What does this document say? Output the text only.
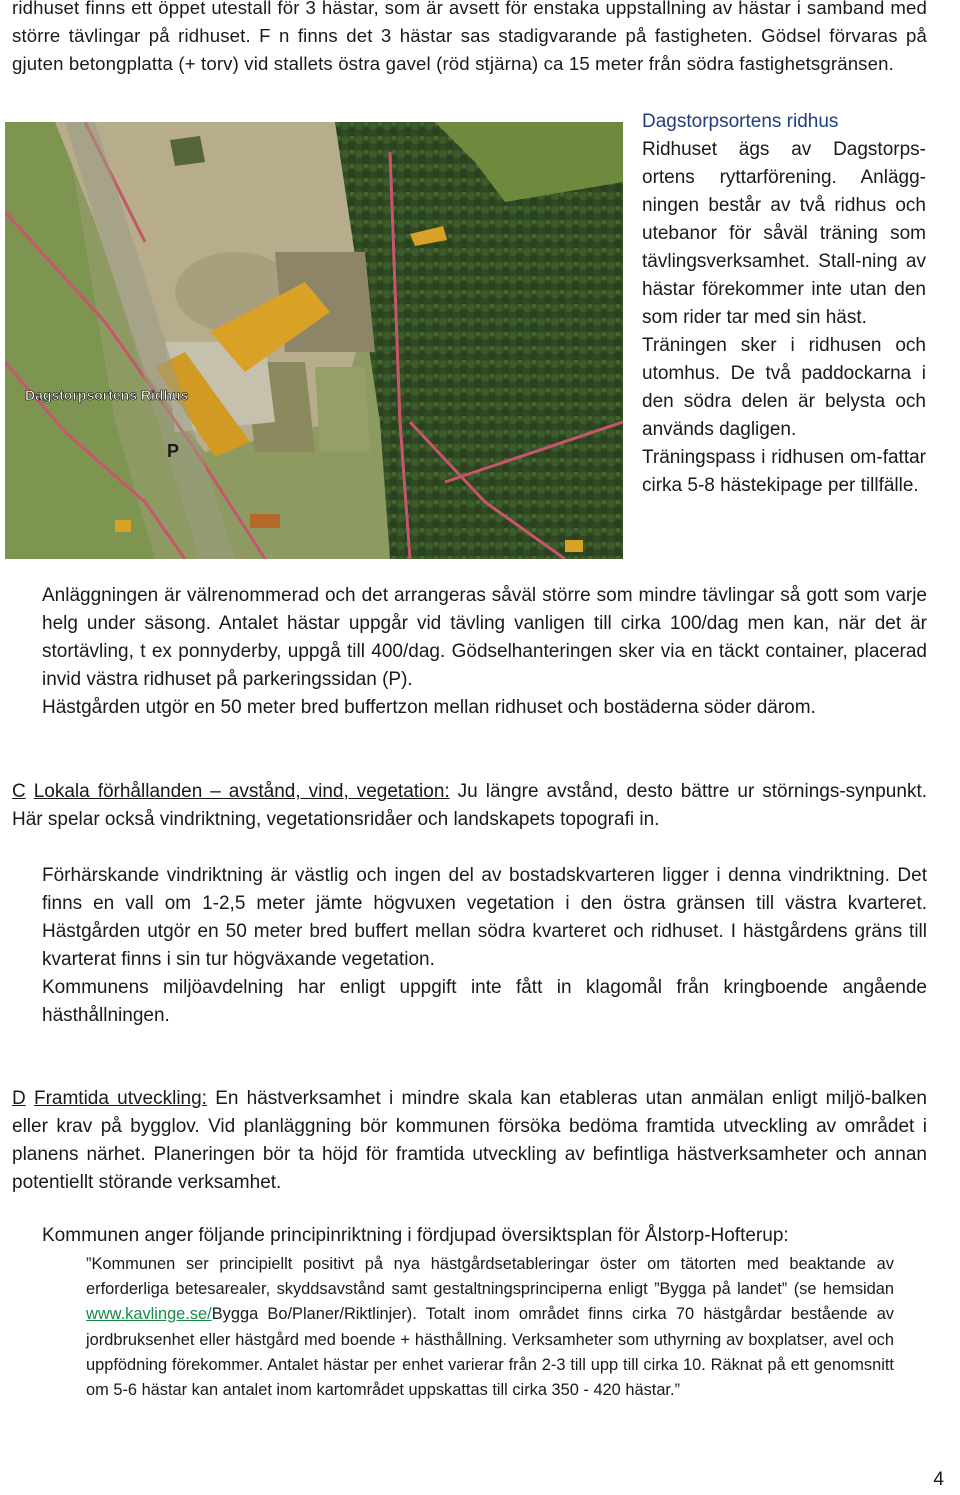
ridhuset finns ett öppet utestall för 3 hästar, som är avsett för enstaka uppstallning av hästar i samband med större tävlingar på ridhuset. F n finns det 3 hästar sas stadigvarande på fastigheten. Gödsel förvaras på gjuten betongplatta (+ torv) vid stallets östra gavel (röd stjärna) ca 15 meter från södra fastighetsgränsen.

Dagstorpsortens Ridhus
P

Dagstorpsortens ridhus

Ridhuset ägs av Dagstorps-ortens ryttarförening. Anlägg-ningen består av två ridhus och utebanor för såväl träning som tävlingsverksamhet. Stall-ning av hästar förekommer inte utan den som rider tar med sin häst.

Träningen sker i ridhusen och utomhus. De två paddockarna i den södra delen är belysta och används dagligen.

Träningspass i ridhusen om-fattar cirka 5-8 hästekipage per tillfälle.

Anläggningen är välrenommerad och det arrangeras såväl större som mindre tävlingar så gott som varje helg under säsong. Antalet hästar uppgår vid tävling vanligen till cirka 100/dag men kan, när det är stortävling, t ex ponnyderby, uppgå till 400/dag. Gödselhanteringen sker via en täckt container, placerad invid västra ridhuset på parkeringssidan (P).

Hästgården utgör en 50 meter bred buffertzon mellan ridhuset och bostäderna söder därom.

C Lokala förhållanden – avstånd, vind, vegetation: Ju längre avstånd, desto bättre ur störnings-synpunkt. Här spelar också vindriktning, vegetationsridåer och landskapets topografi in.

Förhärskande vindriktning är västlig och ingen del av bostadskvarteren ligger i denna vindriktning. Det finns en vall om 1-2,5 meter jämte högvuxen vegetation i den östra gränsen till västra kvarteret. Hästgården utgör en 50 meter bred buffert mellan södra kvarteret och ridhuset. I hästgårdens gräns till kvarterat finns i sin tur högväxande vegetation.

Kommunens miljöavdelning har enligt uppgift inte fått in klagomål från kringboende angående hästhållningen.

D Framtida utveckling: En hästverksamhet i mindre skala kan etableras utan anmälan enligt miljö-balken eller krav på bygglov. Vid planläggning bör kommunen försöka bedöma framtida utveckling av området i planens närhet. Planeringen bör ta höjd för framtida utveckling av befintliga hästverksamheter och annan potentiellt störande verksamhet.

Kommunen anger följande principinriktning i fördjupad översiktsplan för Ålstorp-Hofterup:

”Kommunen ser principiellt positivt på nya hästgårdsetableringar öster om tätorten med beaktande av erforderliga betesarealer, skyddsavstånd samt gestaltningsprinciperna enligt ”Bygga på landet” (se hemsidan www.kavlinge.se/Bygga Bo/Planer/Riktlinjer). Totalt inom området finns cirka 70 hästgårdar bestående av jordbruksenhet eller hästgård med boende + hästhållning. Verksamheter som uthyrning av boxplatser, avel och uppfödning förekommer. Antalet hästar per enhet varierar från 2-3 till upp till cirka 10. Räknat på ett genomsnitt om 5-6 hästar kan antalet inom kartområdet uppskattas till cirka 350 - 420 hästar.”

4
